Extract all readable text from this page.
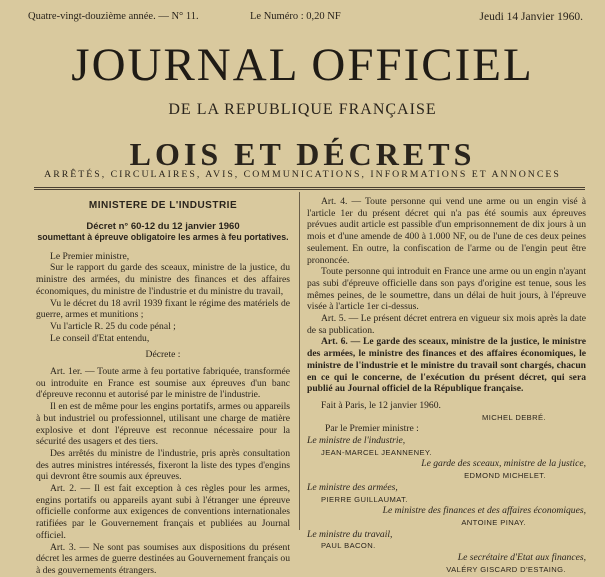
Quatre-vingt-douzième année. — N° 11.	Le Numéro : 0,20 NF	Jeudi 14 Janvier 1960.
JOURNAL OFFICIEL
DE LA REPUBLIQUE FRANÇAISE
LOIS ET DÉCRETS
ARRÊTÉS, CIRCULAIRES, AVIS, COMMUNICATIONS, INFORMATIONS ET ANNONCES

MINISTERE DE L'INDUSTRIE

Décret n° 60-12 du 12 janvier 1960

soumettant à épreuve obligatoire les armes à feu portatives.

Le Premier ministre,

Sur le rapport du garde des sceaux, ministre de la justice, du ministre des armées, du ministre des finances et des affaires économiques, du ministre de l'industrie et du ministre du travail,

Vu le décret du 18 avril 1939 fixant le régime des matériels de guerre, armes et munitions ;

Vu l'article R. 25 du code pénal ;

Le conseil d'Etat entendu,

Décrete :

Art. 1er. — Toute arme à feu portative fabriquée, transformée ou introduite en France est soumise aux épreuves d'un banc d'épreuve reconnu et autorisé par le ministre de l'industrie.

Il en est de même pour les engins portatifs, armes ou appareils à but industriel ou professionnel, utilisant une charge de matière explosive et dont l'épreuve est reconnue nécessaire pour la sécurité des usagers et des tiers.

Des arrêtés du ministre de l'industrie, pris après consultation des autres ministres intéressés, fixeront la liste des types d'engins qui devront être soumis aux épreuves.

Art. 2. — Il est fait exception à ces règles pour les armes, engins portatifs ou appareils ayant subi à l'étranger une épreuve officielle conforme aux exigences de conventions internationales ratifiées par le Gouvernement français et publiées au Journal officiel.

Art. 3. — Ne sont pas soumises aux dispositions du présent décret les armes de guerre destinées au Gouvernement français ou à des gouvernements étrangers.

Art. 4. — Toute personne qui vend une arme ou un engin visé à l'article 1er du présent décret qui n'a pas été soumis aux épreuves prévues audit article est passible d'un emprisonnement de dix jours à un mois et d'une amende de 400 à 1.000 NF, ou de l'une de ces deux peines seulement. En outre, la confiscation de l'arme ou de l'engin peut être prononcée.

Toute personne qui introduit en France une arme ou un engin n'ayant pas subi d'épreuve officielle dans son pays d'origine est tenue, sous les mêmes peines, de le soumettre, dans un délai de huit jours, à l'épreuve visée à l'article 1er ci-dessus.

Art. 5. — Le présent décret entrera en vigueur six mois après la date de sa publication.

Art. 6. — Le garde des sceaux, ministre de la justice, le ministre des armées, le ministre des finances et des affaires économiques, le ministre de l'industrie et le ministre du travail sont chargés, chacun en ce qui le concerne, de l'exécution du présent décret, qui sera publié au Journal officiel de la République française.

Fait à Paris, le 12 janvier 1960.

MICHEL DEBRÉ.

Par le Premier ministre :

Le ministre de l'industrie,

JEAN-MARCEL JEANNENEY.

Le garde des sceaux, ministre de la justice,

EDMOND MICHELET.

Le ministre des armées,

PIERRE GUILLAUMAT.

Le ministre des finances et des affaires économiques,

ANTOINE PINAY.

Le ministre du travail,

PAUL BACON.

Le secrétaire d'Etat aux finances,

VALÉRY GISCARD D'ESTAING.
